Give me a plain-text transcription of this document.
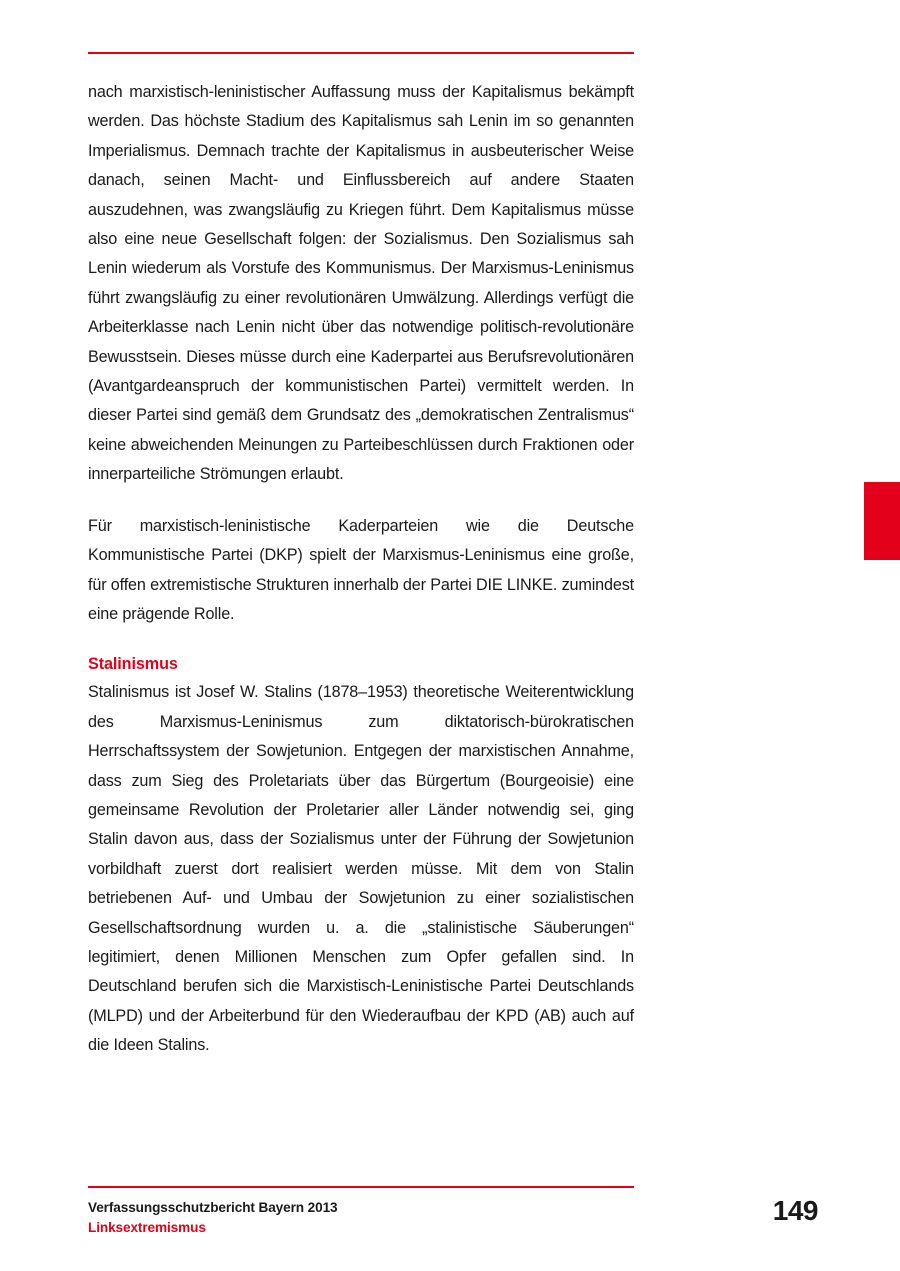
nach marxistisch-leninistischer Auffassung muss der Kapitalismus bekämpft werden. Das höchste Stadium des Kapitalismus sah Lenin im so genannten Imperialismus. Demnach trachte der Kapitalismus in ausbeuterischer Weise danach, seinen Macht- und Einflussbereich auf andere Staaten auszudehnen, was zwangsläufig zu Kriegen führt. Dem Kapitalismus müsse also eine neue Gesellschaft folgen: der Sozialismus. Den Sozialismus sah Lenin wiederum als Vorstufe des Kommunismus. Der Marxismus-Leninismus führt zwangsläufig zu einer revolutionären Umwälzung. Allerdings verfügt die Arbeiterklasse nach Lenin nicht über das notwendige politisch-revolutionäre Bewusstsein. Dieses müsse durch eine Kaderpartei aus Berufsrevolutionären (Avantgardeanspruch der kommunistischen Partei) vermittelt werden. In dieser Partei sind gemäß dem Grundsatz des „demokratischen Zentralismus“ keine abweichenden Meinungen zu Parteibeschlüssen durch Fraktionen oder innerparteiliche Strömungen erlaubt.

Für marxistisch-leninistische Kaderparteien wie die Deutsche Kommunistische Partei (DKP) spielt der Marxismus-Leninismus eine große, für offen extremistische Strukturen innerhalb der Partei DIE LINKE. zumindest eine prägende Rolle.

Stalinismus

Stalinismus ist Josef W. Stalins (1878–1953) theoretische Weiterentwicklung des Marxismus-Leninismus zum diktatorisch-bürokratischen Herrschaftssystem der Sowjetunion. Entgegen der marxistischen Annahme, dass zum Sieg des Proletariats über das Bürgertum (Bourgeoisie) eine gemeinsame Revolution der Proletarier aller Länder notwendig sei, ging Stalin davon aus, dass der Sozialismus unter der Führung der Sowjetunion vorbildhaft zuerst dort realisiert werden müsse. Mit dem von Stalin betriebenen Auf- und Umbau der Sowjetunion zu einer sozialistischen Gesellschaftsordnung wurden u. a. die „stalinistische Säuberungen“ legitimiert, denen Millionen Menschen zum Opfer gefallen sind. In Deutschland berufen sich die Marxistisch-Leninistische Partei Deutschlands (MLPD) und der Arbeiterbund für den Wiederaufbau der KPD (AB) auch auf die Ideen Stalins.

Verfassungsschutzbericht Bayern 2013
Linksextremismus
149
